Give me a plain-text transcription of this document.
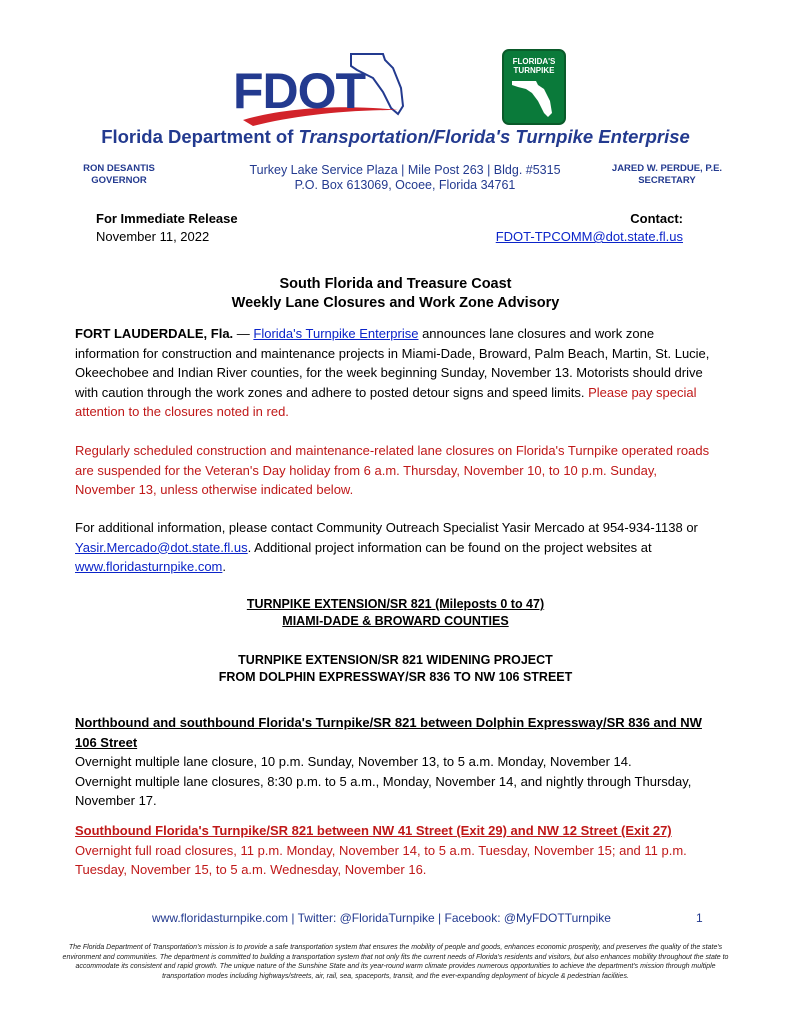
FDOT
FLORIDA'S TURNPIKE
Florida Department of Transportation/Florida's Turnpike Enterprise
RON DESANTIS
GOVERNOR
Turkey Lake Service Plaza | Mile Post 263 | Bldg. #5315
P.O. Box 613069, Ocoee, Florida 34761
JARED W. PERDUE, P.E.
SECRETARY
For Immediate Release
November 11, 2022
Contact:
FDOT-TPCOMM@dot.state.fl.us
South Florida and Treasure Coast
Weekly Lane Closures and Work Zone Advisory
FORT LAUDERDALE, Fla. — Florida's Turnpike Enterprise announces lane closures and work zone information for construction and maintenance projects in Miami-Dade, Broward, Palm Beach, Martin, St. Lucie, Okeechobee and Indian River counties, for the week beginning Sunday, November 13. Motorists should drive with caution through the work zones and adhere to posted detour signs and speed limits. Please pay special attention to the closures noted in red.
Regularly scheduled construction and maintenance-related lane closures on Florida's Turnpike operated roads are suspended for the Veteran's Day holiday from 6 a.m. Thursday, November 10, to 10 p.m. Sunday, November 13, unless otherwise indicated below.
For additional information, please contact Community Outreach Specialist Yasir Mercado at 954-934-1138 or Yasir.Mercado@dot.state.fl.us. Additional project information can be found on the project websites at www.floridasturnpike.com.
TURNPIKE EXTENSION/SR 821 (Mileposts 0 to 47)
MIAMI-DADE & BROWARD COUNTIES
TURNPIKE EXTENSION/SR 821 WIDENING PROJECT
FROM DOLPHIN EXPRESSWAY/SR 836 TO NW 106 STREET
Northbound and southbound Florida's Turnpike/SR 821 between Dolphin Expressway/SR 836 and NW 106 Street
Overnight multiple lane closure, 10 p.m. Sunday, November 13, to 5 a.m. Monday, November 14.
Overnight multiple lane closures, 8:30 p.m. to 5 a.m., Monday, November 14, and nightly through Thursday, November 17.
Southbound Florida's Turnpike/SR 821 between NW 41 Street (Exit 29) and NW 12 Street (Exit 27)
Overnight full road closures, 11 p.m. Monday, November 14, to 5 a.m. Tuesday, November 15; and 11 p.m. Tuesday, November 15, to 5 a.m. Wednesday, November 16.
www.floridasturnpike.com | Twitter: @FloridaTurnpike | Facebook: @MyFDOTTurnpike	1
The Florida Department of Transportation's mission is to provide a safe transportation system that ensures the mobility of people and goods, enhances economic prosperity, and preserves the quality of the state's environment and communities. The department is committed to building a transportation system that not only fits the current needs of Florida's residents and visitors, but also enhances mobility throughout the state to accommodate its consistent and rapid growth. The unique nature of the Sunshine State and its year-round warm climate provides numerous opportunities to achieve the department's mission through multiple transportation modes including highways/streets, air, rail, sea, spaceports, transit, and the ever-expanding deployment of bicycle & pedestrian facilities.
